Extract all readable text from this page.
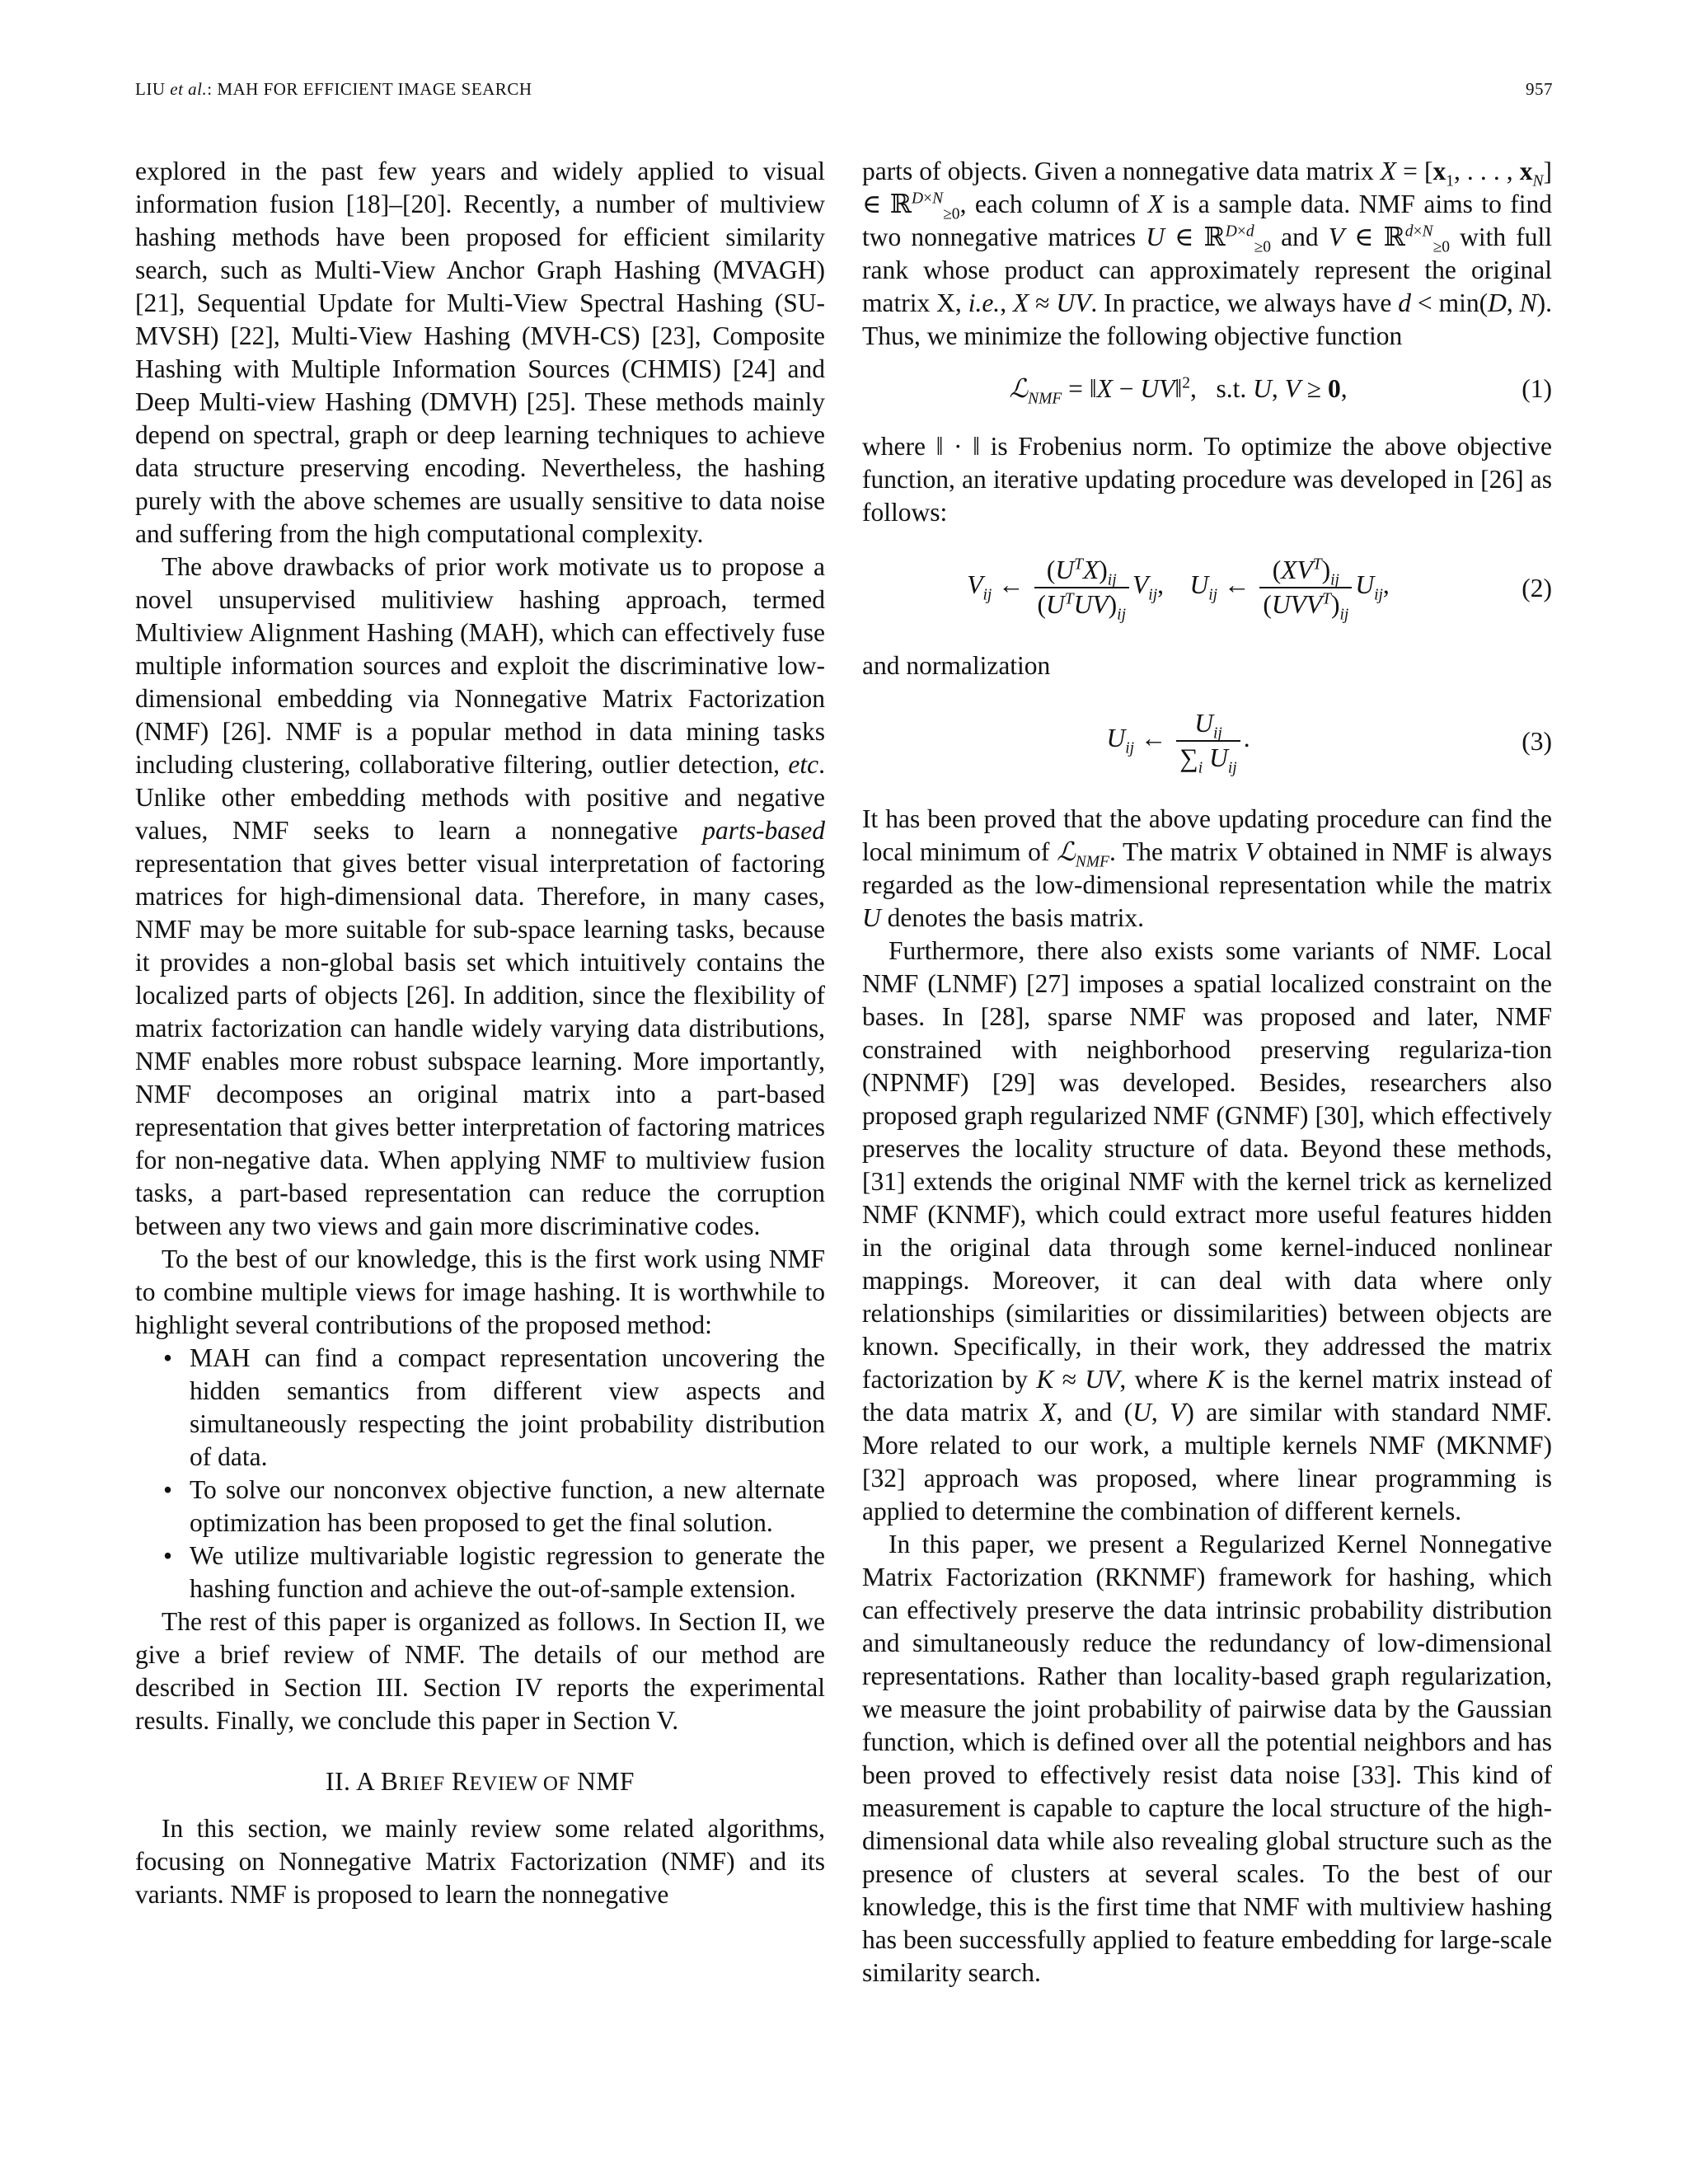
LIU et al.: MAH FOR EFFICIENT IMAGE SEARCH	957

explored in the past few years and widely applied to visual information fusion [18]–[20]. Recently, a number of multiview hashing methods have been proposed for efficient similarity search, such as Multi-View Anchor Graph Hashing (MVAGH) [21], Sequential Update for Multi-View Spectral Hashing (SU-MVSH) [22], Multi-View Hashing (MVH-CS) [23], Composite Hashing with Multiple Information Sources (CHMIS) [24] and Deep Multi-view Hashing (DMVH) [25]. These methods mainly depend on spectral, graph or deep learning techniques to achieve data structure preserving encoding. Nevertheless, the hashing purely with the above schemes are usually sensitive to data noise and suffering from the high computational complexity.

The above drawbacks of prior work motivate us to propose a novel unsupervised mulitiview hashing approach, termed Multiview Alignment Hashing (MAH), which can effectively fuse multiple information sources and exploit the discriminative low-dimensional embedding via Nonnegative Matrix Factorization (NMF) [26]. NMF is a popular method in data mining tasks including clustering, collaborative filtering, outlier detection, etc. Unlike other embedding methods with positive and negative values, NMF seeks to learn a nonnegative parts-based representation that gives better visual interpretation of factoring matrices for high-dimensional data. Therefore, in many cases, NMF may be more suitable for sub-space learning tasks, because it provides a non-global basis set which intuitively contains the localized parts of objects [26]. In addition, since the flexibility of matrix factorization can handle widely varying data distributions, NMF enables more robust subspace learning. More importantly, NMF decomposes an original matrix into a part-based representation that gives better interpretation of factoring matrices for non-negative data. When applying NMF to multiview fusion tasks, a part-based representation can reduce the corruption between any two views and gain more discriminative codes.

To the best of our knowledge, this is the first work using NMF to combine multiple views for image hashing. It is worthwhile to highlight several contributions of the proposed method:

• MAH can find a compact representation uncovering the hidden semantics from different view aspects and simultaneously respecting the joint probability distribution of data.
• To solve our nonconvex objective function, a new alternate optimization has been proposed to get the final solution.
• We utilize multivariable logistic regression to generate the hashing function and achieve the out-of-sample extension.

The rest of this paper is organized as follows. In Section II, we give a brief review of NMF. The details of our method are described in Section III. Section IV reports the experimental results. Finally, we conclude this paper in Section V.

II. A BRIEF REVIEW OF NMF

In this section, we mainly review some related algorithms, focusing on Nonnegative Matrix Factorization (NMF) and its variants. NMF is proposed to learn the nonnegative

parts of objects. Given a nonnegative data matrix $X = [x_1$, . . . , $x_N$] ∈ ℝ$^{D\times N}_{\ge 0}$, each column of X is a sample data. NMF aims to find two nonnegative matrices U ∈ ℝ$^{D\times d}_{\ge 0}$ and V ∈ ℝ$^{d\times N}_{\ge 0}$ with full rank whose product can approximately represent the original matrix X, i.e., X ≈ UV. In practice, we always have d < min(D, N). Thus, we minimize the following objective function

ℒ$_{NMF}$ = ‖X − UV‖$^2$,   s.t. U, V ≥ 0,	(1)

where ‖ · ‖ is Frobenius norm. To optimize the above objective function, an iterative updating procedure was developed in [26] as follows:

$V_{ij}$ ← $\frac{(U^TX)_{ij}}{(U^TUV)_{ij}} V_{ij}$,    $U_{ij}$ ← $\frac{(XV^T)_{ij}}{(UVV^T)_{ij}} U_{ij}$,	(2)

and normalization

$U_{ij}$ ← $\frac{U_{ij}}{\sum_i U_{ij}}$ .	(3)

It has been proved that the above updating procedure can find the local minimum of ℒ$_{NMF}$. The matrix V obtained in NMF is always regarded as the low-dimensional representation while the matrix U denotes the basis matrix.

Furthermore, there also exists some variants of NMF. Local NMF (LNMF) [27] imposes a spatial localized constraint on the bases. In [28], sparse NMF was proposed and later, NMF constrained with neighborhood preserving regulariza-tion (NPNMF) [29] was developed. Besides, researchers also proposed graph regularized NMF (GNMF) [30], which effectively preserves the locality structure of data. Beyond these methods, [31] extends the original NMF with the kernel trick as kernelized NMF (KNMF), which could extract more useful features hidden in the original data through some kernel-induced nonlinear mappings. Moreover, it can deal with data where only relationships (similarities or dissimilarities) between objects are known. Specifically, in their work, they addressed the matrix factorization by K ≈ UV, where K is the kernel matrix instead of the data matrix X, and (U, V) are similar with standard NMF. More related to our work, a multiple kernels NMF (MKNMF) [32] approach was proposed, where linear programming is applied to determine the combination of different kernels.

In this paper, we present a Regularized Kernel Nonnegative Matrix Factorization (RKNMF) framework for hashing, which can effectively preserve the data intrinsic probability distribution and simultaneously reduce the redundancy of low-dimensional representations. Rather than locality-based graph regularization, we measure the joint probability of pairwise data by the Gaussian function, which is defined over all the potential neighbors and has been proved to effectively resist data noise [33]. This kind of measurement is capable to capture the local structure of the high-dimensional data while also revealing global structure such as the presence of clusters at several scales. To the best of our knowledge, this is the first time that NMF with multiview hashing has been successfully applied to feature embedding for large-scale similarity search.
